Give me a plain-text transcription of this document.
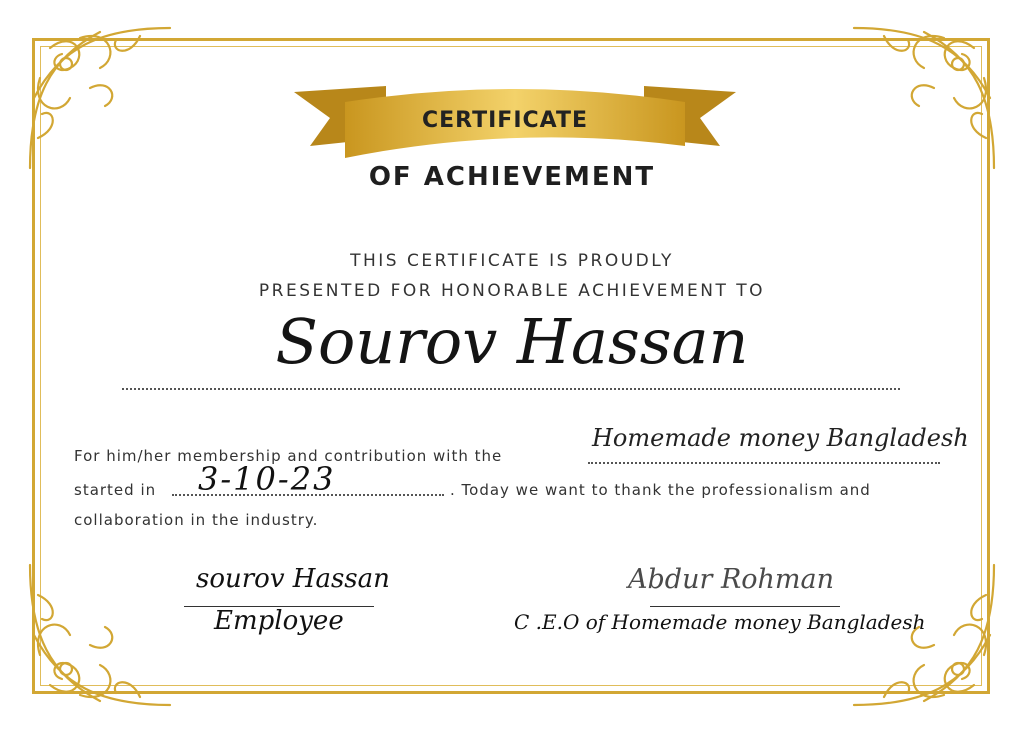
CERTIFICATE
OF ACHIEVEMENT
THIS CERTIFICATE IS PROUDLY
PRESENTED FOR HONORABLE ACHIEVEMENT TO
Sourov Hassan
For him/her membership and contribution with the
Homemade money Bangladesh
started in 3-10-23	. Today we want to thank the professionalism and
collaboration in the industry.
sourov Hassan
Employee
Abdur Rohman
C .E.O of Homemade money Bangladesh
